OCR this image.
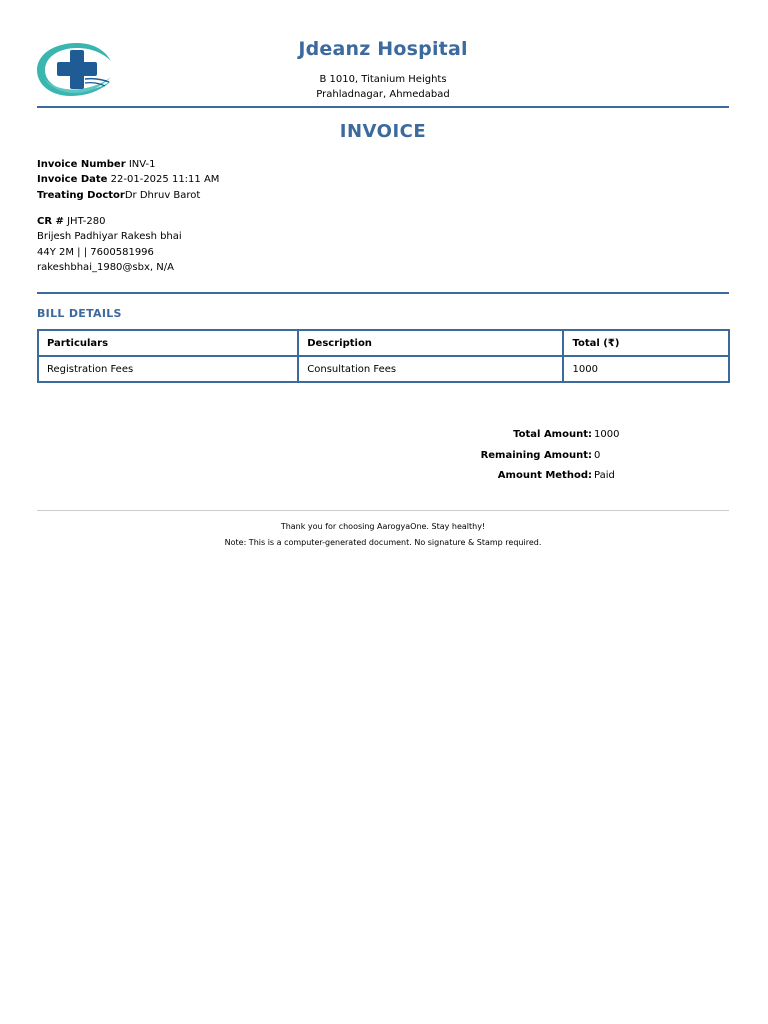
Jdeanz Hospital
B 1010, Titanium Heights
Prahladnagar, Ahmedabad
INVOICE
Invoice Number INV-1
Invoice Date 22-01-2025 11:11 AM
Treating DoctorDr Dhruv Barot
CR # JHT-280
Brijesh Padhiyar Rakesh bhai
44Y 2M | | 7600581996
rakeshbhai_1980@sbx, N/A
BILL DETAILS
Particulars	Description	Total (₹)
Registration Fees	Consultation Fees	1000
Total Amount: 1000
Remaining Amount: 0
Amount Method: Paid
Thank you for choosing AarogyaOne. Stay healthy!
Note: This is a computer-generated document. No signature & Stamp required.
